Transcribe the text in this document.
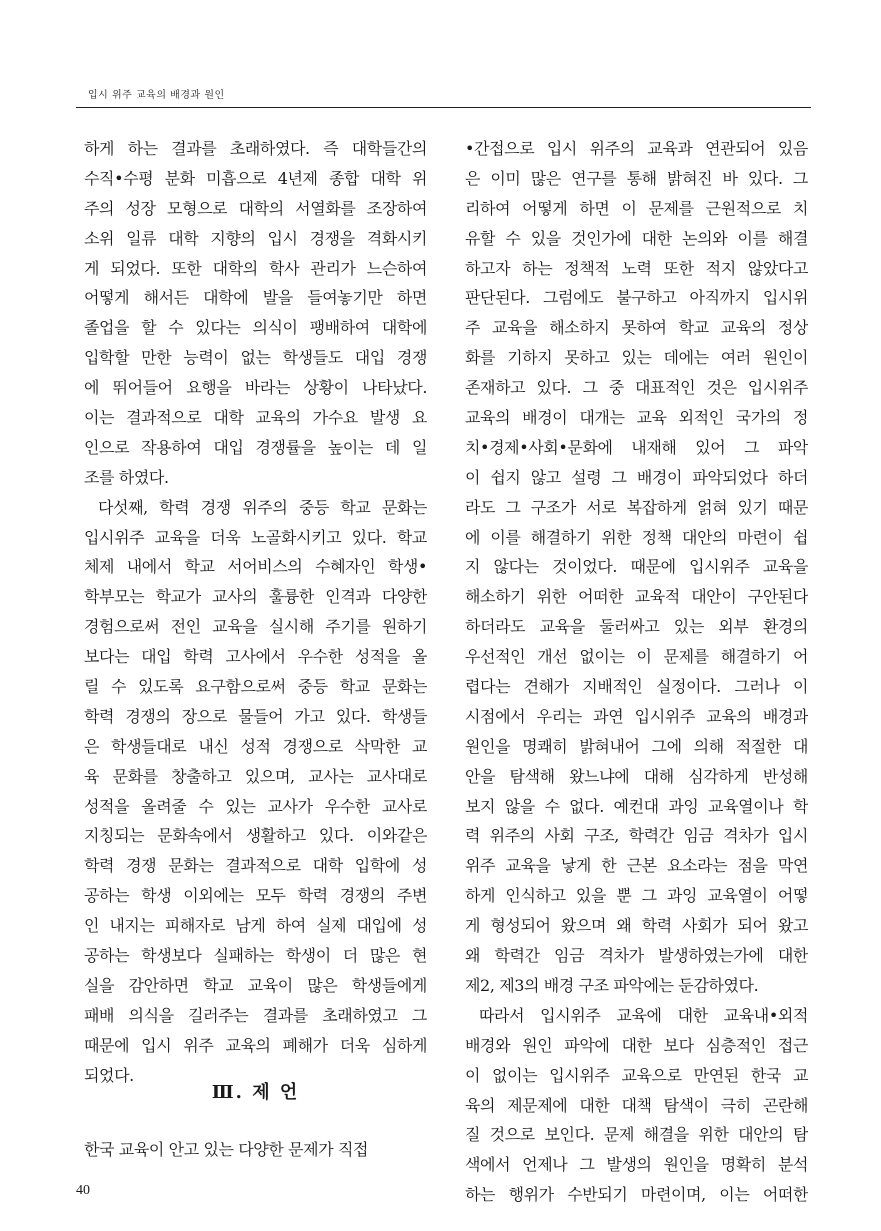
입시 위주 교육의 배경과 원인
하게 하는 결과를 초래하였다. 즉 대학들간의
수직•수평 분화 미흡으로 4년제 종합 대학 위
주의 성장 모형으로 대학의 서열화를 조장하여
소위 일류 대학 지향의 입시 경쟁을 격화시키
게 되었다. 또한 대학의 학사 관리가 느슨하여
어떻게 해서든 대학에 발을 들여놓기만 하면
졸업을 할 수 있다는 의식이 팽배하여 대학에
입학할 만한 능력이 없는 학생들도 대입 경쟁
에 뛰어들어 요행을 바라는 상황이 나타났다.
이는 결과적으로 대학 교육의 가수요 발생 요
인으로 작용하여 대입 경쟁률을 높이는 데 일
조를 하였다.
다섯째, 학력 경쟁 위주의 중등 학교 문화는
입시위주 교육을 더욱 노골화시키고 있다. 학교
체제 내에서 학교 서어비스의 수혜자인 학생•
학부모는 학교가 교사의 훌륭한 인격과 다양한
경험으로써 전인 교육을 실시해 주기를 원하기
보다는 대입 학력 고사에서 우수한 성적을 올
릴 수 있도록 요구함으로써 중등 학교 문화는
학력 경쟁의 장으로 물들어 가고 있다. 학생들
은 학생들대로 내신 성적 경쟁으로 삭막한 교
육 문화를 창출하고 있으며, 교사는 교사대로
성적을 올려줄 수 있는 교사가 우수한 교사로
지칭되는 문화속에서 생활하고 있다. 이와같은
학력 경쟁 문화는 결과적으로 대학 입학에 성
공하는 학생 이외에는 모두 학력 경쟁의 주변
인 내지는 피해자로 남게 하여 실제 대입에 성
공하는 학생보다 실패하는 학생이 더 많은 현
실을 감안하면 학교 교육이 많은 학생들에게
패배 의식을 길러주는 결과를 초래하였고 그
때문에 입시 위주 교육의 폐해가 더욱 심하게
되었다.
Ⅲ. 제 언
한국 교육이 안고 있는 다양한 문제가 직접
•간접으로 입시 위주의 교육과 연관되어 있음
은 이미 많은 연구를 통해 밝혀진 바 있다. 그
리하여 어떻게 하면 이 문제를 근원적으로 치
유할 수 있을 것인가에 대한 논의와 이를 해결
하고자 하는 정책적 노력 또한 적지 않았다고
판단된다. 그럼에도 불구하고 아직까지 입시위
주 교육을 해소하지 못하여 학교 교육의 정상
화를 기하지 못하고 있는 데에는 여러 원인이
존재하고 있다. 그 중 대표적인 것은 입시위주
교육의 배경이 대개는 교육 외적인 국가의 정
치•경제•사회•문화에 내재해 있어 그 파악
이 쉽지 않고 설령 그 배경이 파악되었다 하더
라도 그 구조가 서로 복잡하게 얽혀 있기 때문
에 이를 해결하기 위한 정책 대안의 마련이 쉽
지 않다는 것이었다. 때문에 입시위주 교육을
해소하기 위한 어떠한 교육적 대안이 구안된다
하더라도 교육을 둘러싸고 있는 외부 환경의
우선적인 개선 없이는 이 문제를 해결하기 어
렵다는 견해가 지배적인 실정이다. 그러나 이
시점에서 우리는 과연 입시위주 교육의 배경과
원인을 명쾌히 밝혀내어 그에 의해 적절한 대
안을 탐색해 왔느냐에 대해 심각하게 반성해
보지 않을 수 없다. 예컨대 과잉 교육열이나 학
력 위주의 사회 구조, 학력간 임금 격차가 입시
위주 교육을 낳게 한 근본 요소라는 점을 막연
하게 인식하고 있을 뿐 그 과잉 교육열이 어떻
게 형성되어 왔으며 왜 학력 사회가 되어 왔고
왜 학력간 임금 격차가 발생하였는가에 대한
제2, 제3의 배경 구조 파악에는 둔감하였다.
따라서 입시위주 교육에 대한 교육내•외적
배경와 원인 파악에 대한 보다 심층적인 접근
이 없이는 입시위주 교육으로 만연된 한국 교
육의 제문제에 대한 대책 탐색이 극히 곤란해
질 것으로 보인다. 문제 해결을 위한 대안의 탐
색에서 언제나 그 발생의 원인을 명확히 분석
하는 행위가 수반되기 마련이며, 이는 어떠한
40
